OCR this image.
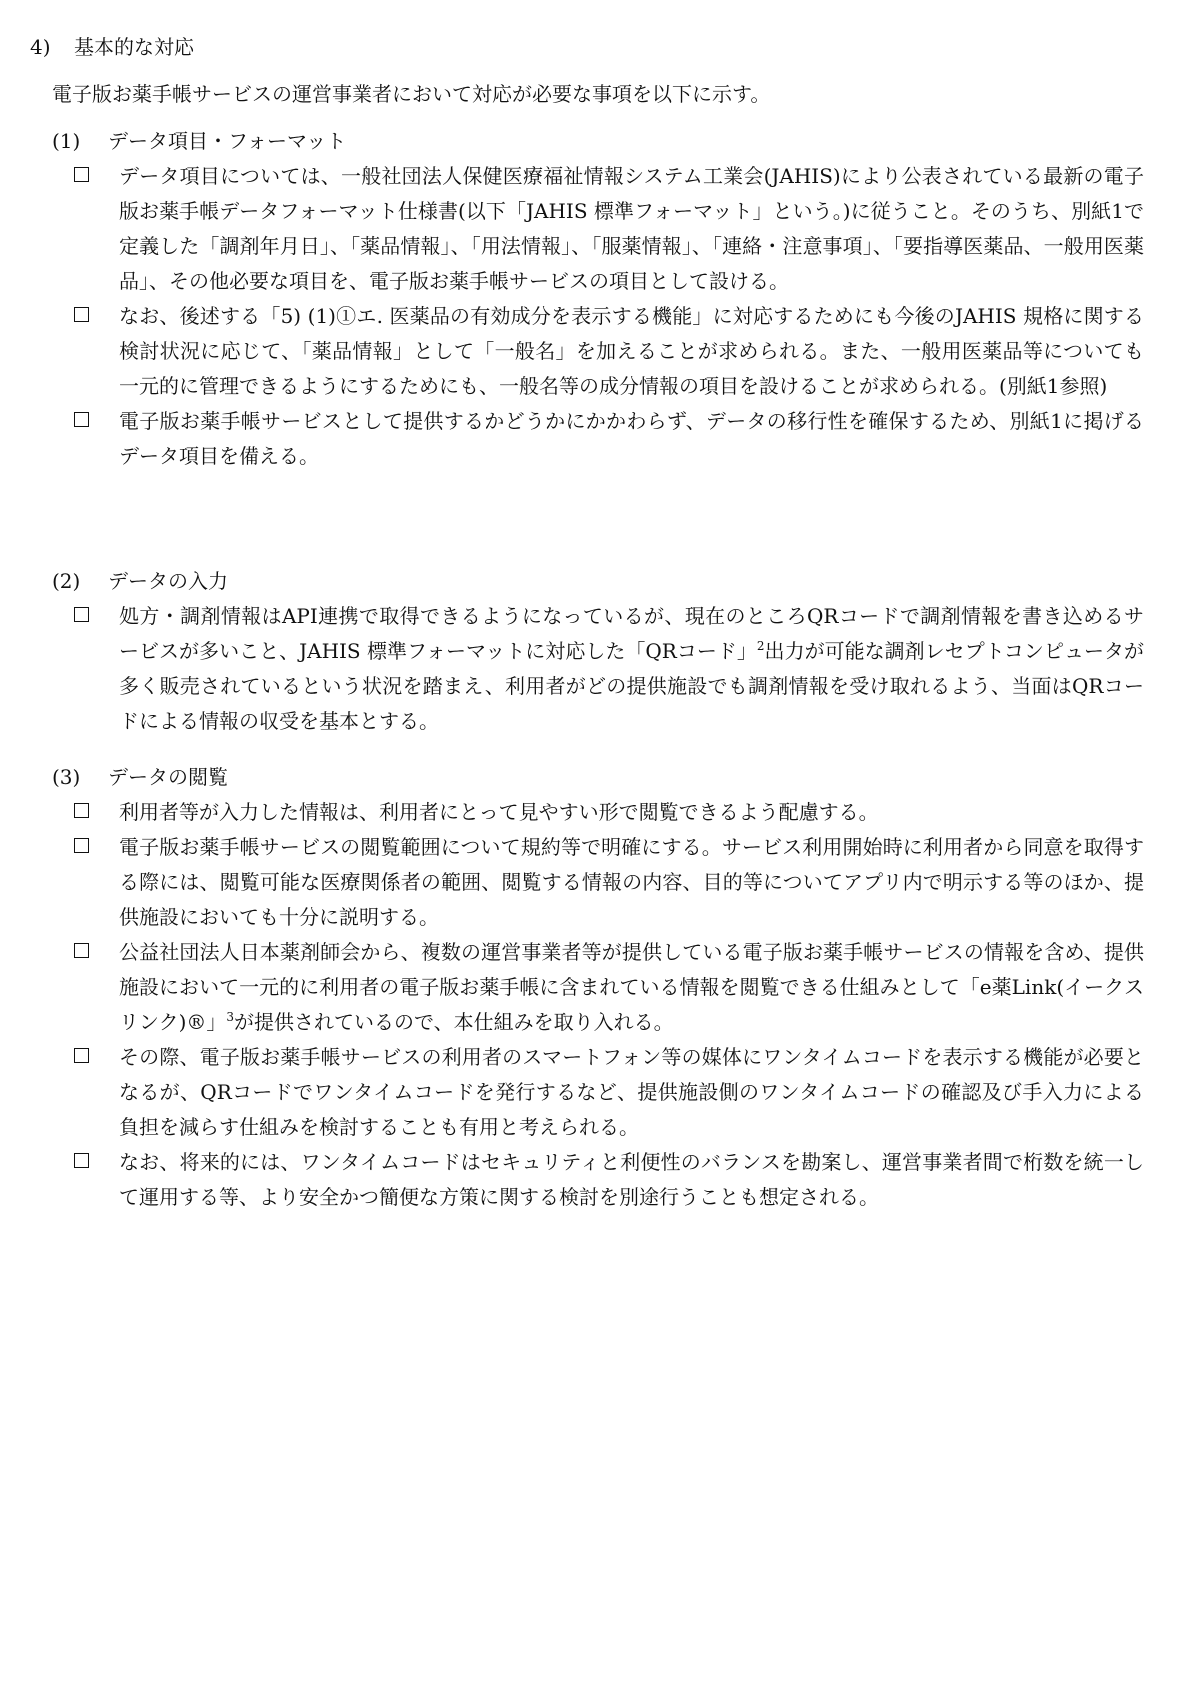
4) 基本的な対応
電子版お薬手帳サービスの運営事業者において対応が必要な事項を以下に示す。
(1) データ項目・フォーマット
データ項目については、一般社団法人保健医療福祉情報システム工業会(JAHIS)により公表されている最新の電子版お薬手帳データフォーマット仕様書(以下「JAHIS 標準フォーマット」という。)に従うこと。そのうち、別紙1で定義した「調剤年月日」、「薬品情報」、「用法情報」、「服薬情報」、「連絡・注意事項」、「要指導医薬品、一般用医薬品」、その他必要な項目を、電子版お薬手帳サービスの項目として設ける。
なお、後述する「5) (1)①エ. 医薬品の有効成分を表示する機能」に対応するためにも今後のJAHIS 規格に関する検討状況に応じて、「薬品情報」として「一般名」を加えることが求められる。また、一般用医薬品等についても一元的に管理できるようにするためにも、一般名等の成分情報の項目を設けることが求められる。(別紙1参照)
電子版お薬手帳サービスとして提供するかどうかにかかわらず、データの移行性を確保するため、別紙1に掲げるデータ項目を備える。
(2) データの入力
処方・調剤情報はAPI連携で取得できるようになっているが、現在のところQRコードで調剤情報を書き込めるサービスが多いこと、JAHIS 標準フォーマットに対応した「QRコード」$^2$出力が可能な調剤レセプトコンピュータが多く販売されているという状況を踏まえ、利用者がどの提供施設でも調剤情報を受け取れるよう、当面はQRコードによる情報の収受を基本とする。
(3) データの閲覧
利用者等が入力した情報は、利用者にとって見やすい形で閲覧できるよう配慮する。
電子版お薬手帳サービスの閲覧範囲について規約等で明確にする。サービス利用開始時に利用者から同意を取得する際には、閲覧可能な医療関係者の範囲、閲覧する情報の内容、目的等についてアプリ内で明示する等のほか、提供施設においても十分に説明する。
公益社団法人日本薬剤師会から、複数の運営事業者等が提供している電子版お薬手帳サービスの情報を含め、提供施設において一元的に利用者の電子版お薬手帳に含まれている情報を閲覧できる仕組みとして「e薬Link(イークスリンク)®」$^3$が提供されているので、本仕組みを取り入れる。
その際、電子版お薬手帳サービスの利用者のスマートフォン等の媒体にワンタイムコードを表示する機能が必要となるが、QRコードでワンタイムコードを発行するなど、提供施設側のワンタイムコードの確認及び手入力による負担を減らす仕組みを検討することも有用と考えられる。
なお、将来的には、ワンタイムコードはセキュリティと利便性のバランスを勘案し、運営事業者間で桁数を統一して運用する等、より安全かつ簡便な方策に関する検討を別途行うことも想定される。
